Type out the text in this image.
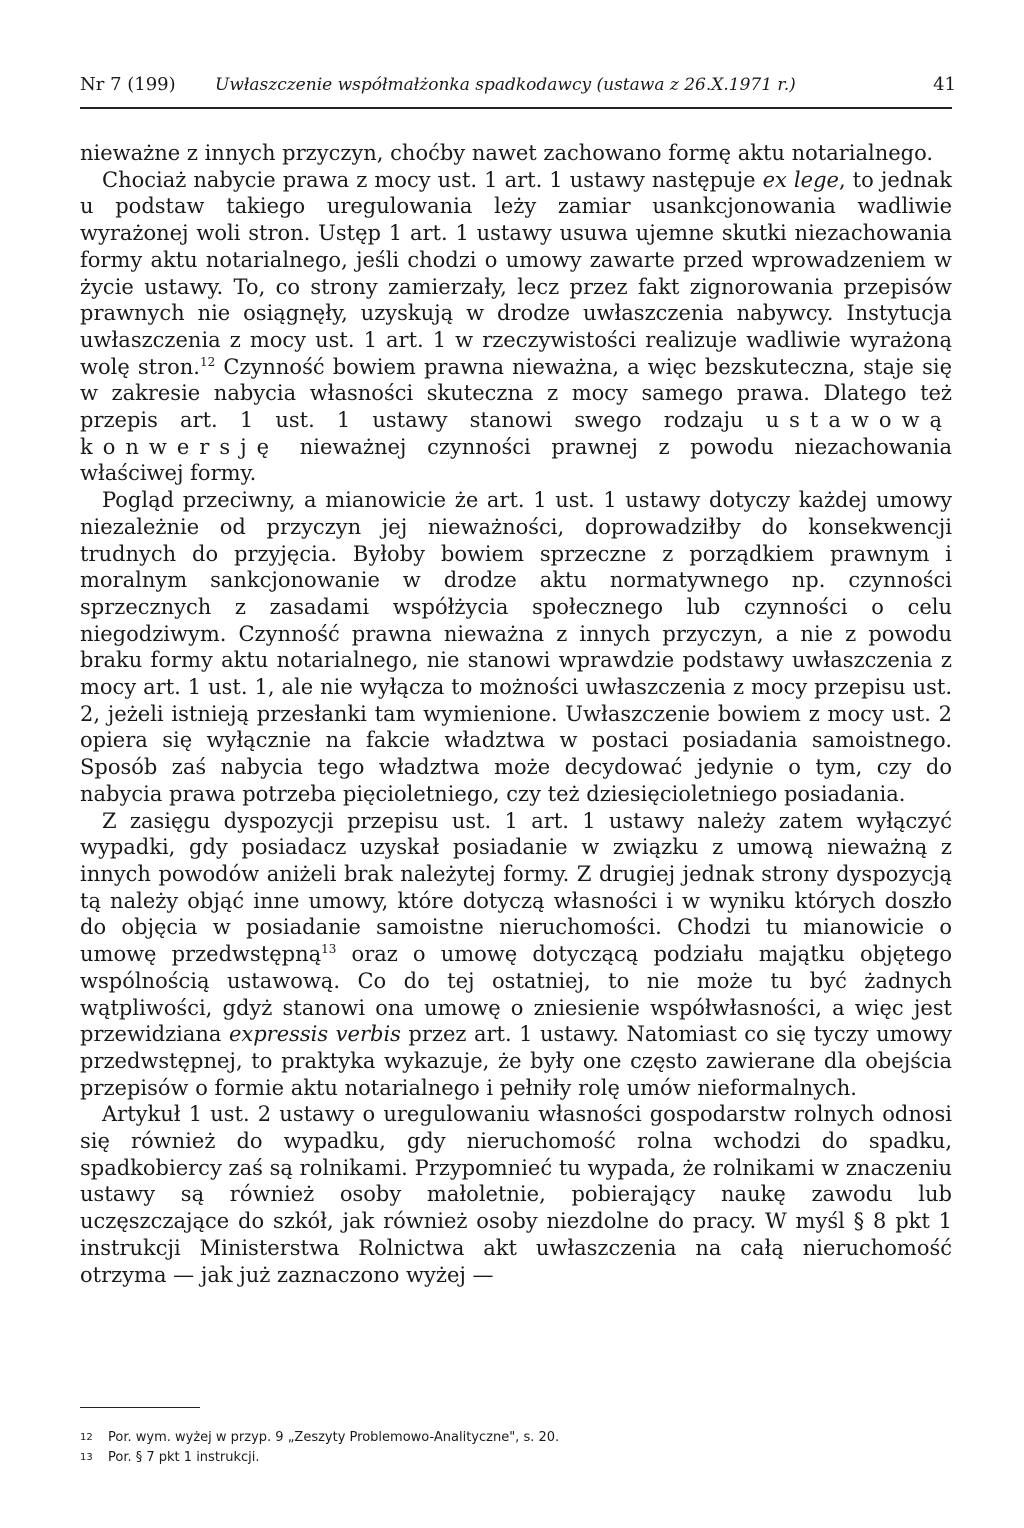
Nr 7 (199) Uwłaszczenie współmałżonka spadkodawcy (ustawa z 26.X.1971 r.)	41

nieważne z innych przyczyn, choćby nawet zachowano formę aktu notarialnego.

Chociaż nabycie prawa z mocy ust. 1 art. 1 ustawy następuje ex lege, to jednak u podstaw takiego uregulowania leży zamiar usankcjonowania wadliwie wyrażonej woli stron. Ustęp 1 art. 1 ustawy usuwa ujemne skutki niezachowania formy aktu notarialnego, jeśli chodzi o umowy zawarte przed wprowadzeniem w życie ustawy. To, co strony zamierzały, lecz przez fakt zignorowania przepisów prawnych nie osiągnęły, uzyskują w drodze uwłaszczenia nabywcy. Instytucja uwłaszczenia z mocy ust. 1 art. 1 w rzeczywistości realizuje wadliwie wyrażoną wolę stron.$^{12}$ Czynność bowiem prawna nieważna, a więc bezskuteczna, staje się w zakresie nabycia własności skuteczna z mocy samego prawa. Dlatego też przepis art. 1 ust. 1 ustawy stanowi swego rodzaju ustawową konwersję nieważnej czynności prawnej z powodu niezachowania właściwej formy.

Pogląd przeciwny, a mianowicie że art. 1 ust. 1 ustawy dotyczy każdej umowy niezależnie od przyczyn jej nieważności, doprowadziłby do konsekwencji trudnych do przyjęcia. Byłoby bowiem sprzeczne z porządkiem prawnym i moralnym sankcjonowanie w drodze aktu normatywnego np. czynności sprzecznych z zasadami współżycia społecznego lub czynności o celu niegodziwym. Czynność prawna nieważna z innych przyczyn, a nie z powodu braku formy aktu notarialnego, nie stanowi wprawdzie podstawy uwłaszczenia z mocy art. 1 ust. 1, ale nie wyłącza to możności uwłaszczenia z mocy przepisu ust. 2, jeżeli istnieją przesłanki tam wymienione. Uwłaszczenie bowiem z mocy ust. 2 opiera się wyłącznie na fakcie władztwa w postaci posiadania samoistnego. Sposób zaś nabycia tego władztwa może decydować jedynie o tym, czy do nabycia prawa potrzeba pięcioletniego, czy też dziesięcioletniego posiadania.

Z zasięgu dyspozycji przepisu ust. 1 art. 1 ustawy należy zatem wyłączyć wypadki, gdy posiadacz uzyskał posiadanie w związku z umową nieważną z innych powodów aniżeli brak należytej formy. Z drugiej jednak strony dyspozycją tą należy objąć inne umowy, które dotyczą własności i w wyniku których doszło do objęcia w posiadanie samoistne nieruchomości. Chodzi tu mianowicie o umowę przedwstępną$^{13}$ oraz o umowę dotyczącą podziału majątku objętego wspólnością ustawową. Co do tej ostatniej, to nie może tu być żadnych wątpliwości, gdyż stanowi ona umowę o zniesienie współwłasności, a więc jest przewidziana expressis verbis przez art. 1 ustawy. Natomiast co się tyczy umowy przedwstępnej, to praktyka wykazuje, że były one często zawierane dla obejścia przepisów o formie aktu notarialnego i pełniły rolę umów nieformalnych.

Artykuł 1 ust. 2 ustawy o uregulowaniu własności gospodarstw rolnych odnosi się również do wypadku, gdy nieruchomość rolna wchodzi do spadku, spadkobiercy zaś są rolnikami. Przypomnieć tu wypada, że rolnikami w znaczeniu ustawy są również osoby małoletnie, pobierający naukę zawodu lub uczęszczające do szkół, jak również osoby niezdolne do pracy. W myśl § 8 pkt 1 instrukcji Ministerstwa Rolnictwa akt uwłaszczenia na całą nieruchomość otrzyma — jak już zaznaczono wyżej —

12 Por. wym. wyżej w przyp. 9 „Zeszyty Problemowo-Analityczne", s. 20.
13 Por. § 7 pkt 1 instrukcji.
